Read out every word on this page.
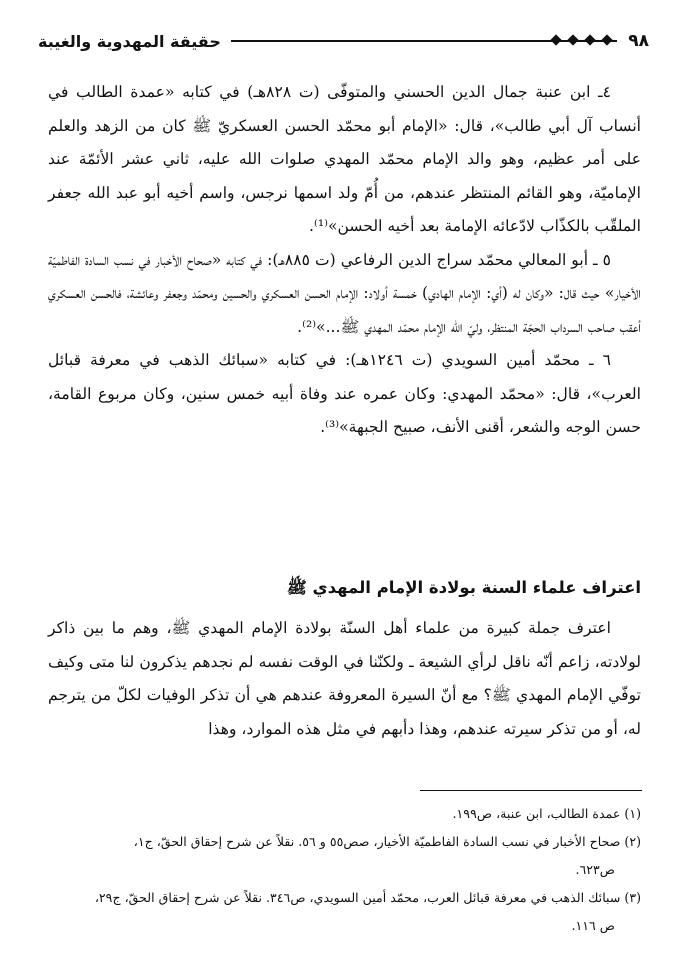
٩٨
حقيقة المهدوية والغيبة

٤ـ ابن عنبة جمال الدين الحسني والمتوفّى (ت ٨٢٨هـ) في كتابه «عمدة الطالب في أنساب آل أبي طالب»، قال: «الإمام أبو محمّد الحسن العسكريّ ﷺ كان من الزهد والعلم على أمر عظيم، وهو والد الإمام محمّد المهدي صلوات الله عليه، ثاني عشر الأئمّة عند الإماميّة، وهو القائم المنتظر عندهم، من أُمّ ولد اسمها نرجس، واسم أخيه أبو عبد الله جعفر الملقّب بالكذّاب لادّعائه الإمامة بعد أخيه الحسن»⁽¹⁾.

٥ ـ أبو المعالي محمّد سراج الدين الرفاعي (ت ٨٨٥هـ): في كتابه «صحاح الأخبار في نسب السادة الفاطميّة الأخيار» حيث قال: «وكان له (أي: الإمام الهادي) خمسة أولاد: الإمام الحسن العسكري والحسين ومحمّد وجعفر وعائشة، فالحسن العسكري أعقب صاحب السرداب الحجّة المنتظر، وليّ الله الإمام محمّد المهدي ﷺ...»⁽²⁾.

٦ ـ محمّد أمين السويدي (ت ١٢٤٦هـ): في كتابه «سبائك الذهب في معرفة قبائل العرب»، قال: «محمّد المهدي: وكان عمره عند وفاة أبيه خمس سنين، وكان مربوع القامة، حسن الوجه والشعر، أقنى الأنف، صبيح الجبهة»⁽³⁾.

اعتراف علماء السنة بولادة الإمام المهدي ﷺ

اعترف جملة كبيرة من علماء أهل السنّة بولادة الإمام المهدي ﷺ، وهم ما بين ذاكر لولادته، زاعم أنّه ناقل لرأي الشيعة ـ ولكنّنا في الوقت نفسه لم نجدهم يذكرون لنا متى وكيف توفّي الإمام المهدي ﷺ؟ مع أنّ السيرة المعروفة عندهم هي أن تذكر الوفيات لكلّ من يترجم له، أو من تذكر سيرته عندهم، وهذا دأبهم في مثل هذه الموارد، وهذا

(١) عمدة الطالب، ابن عنبة، ص١٩٩.

(٢) صحاح الأخبار في نسب السادة الفاطميّة الأخيار، صص٥٥ و ٥٦. نقلاً عن شرح إحقاق الحقّ، ج١،

ص٦٢٣.

(٣) سبائك الذهب في معرفة قبائل العرب، محمّد أمين السويدي، ص٣٤٦. نقلاً عن شرح إحقاق الحقّ، ج٢٩،

ص ١١٦.
